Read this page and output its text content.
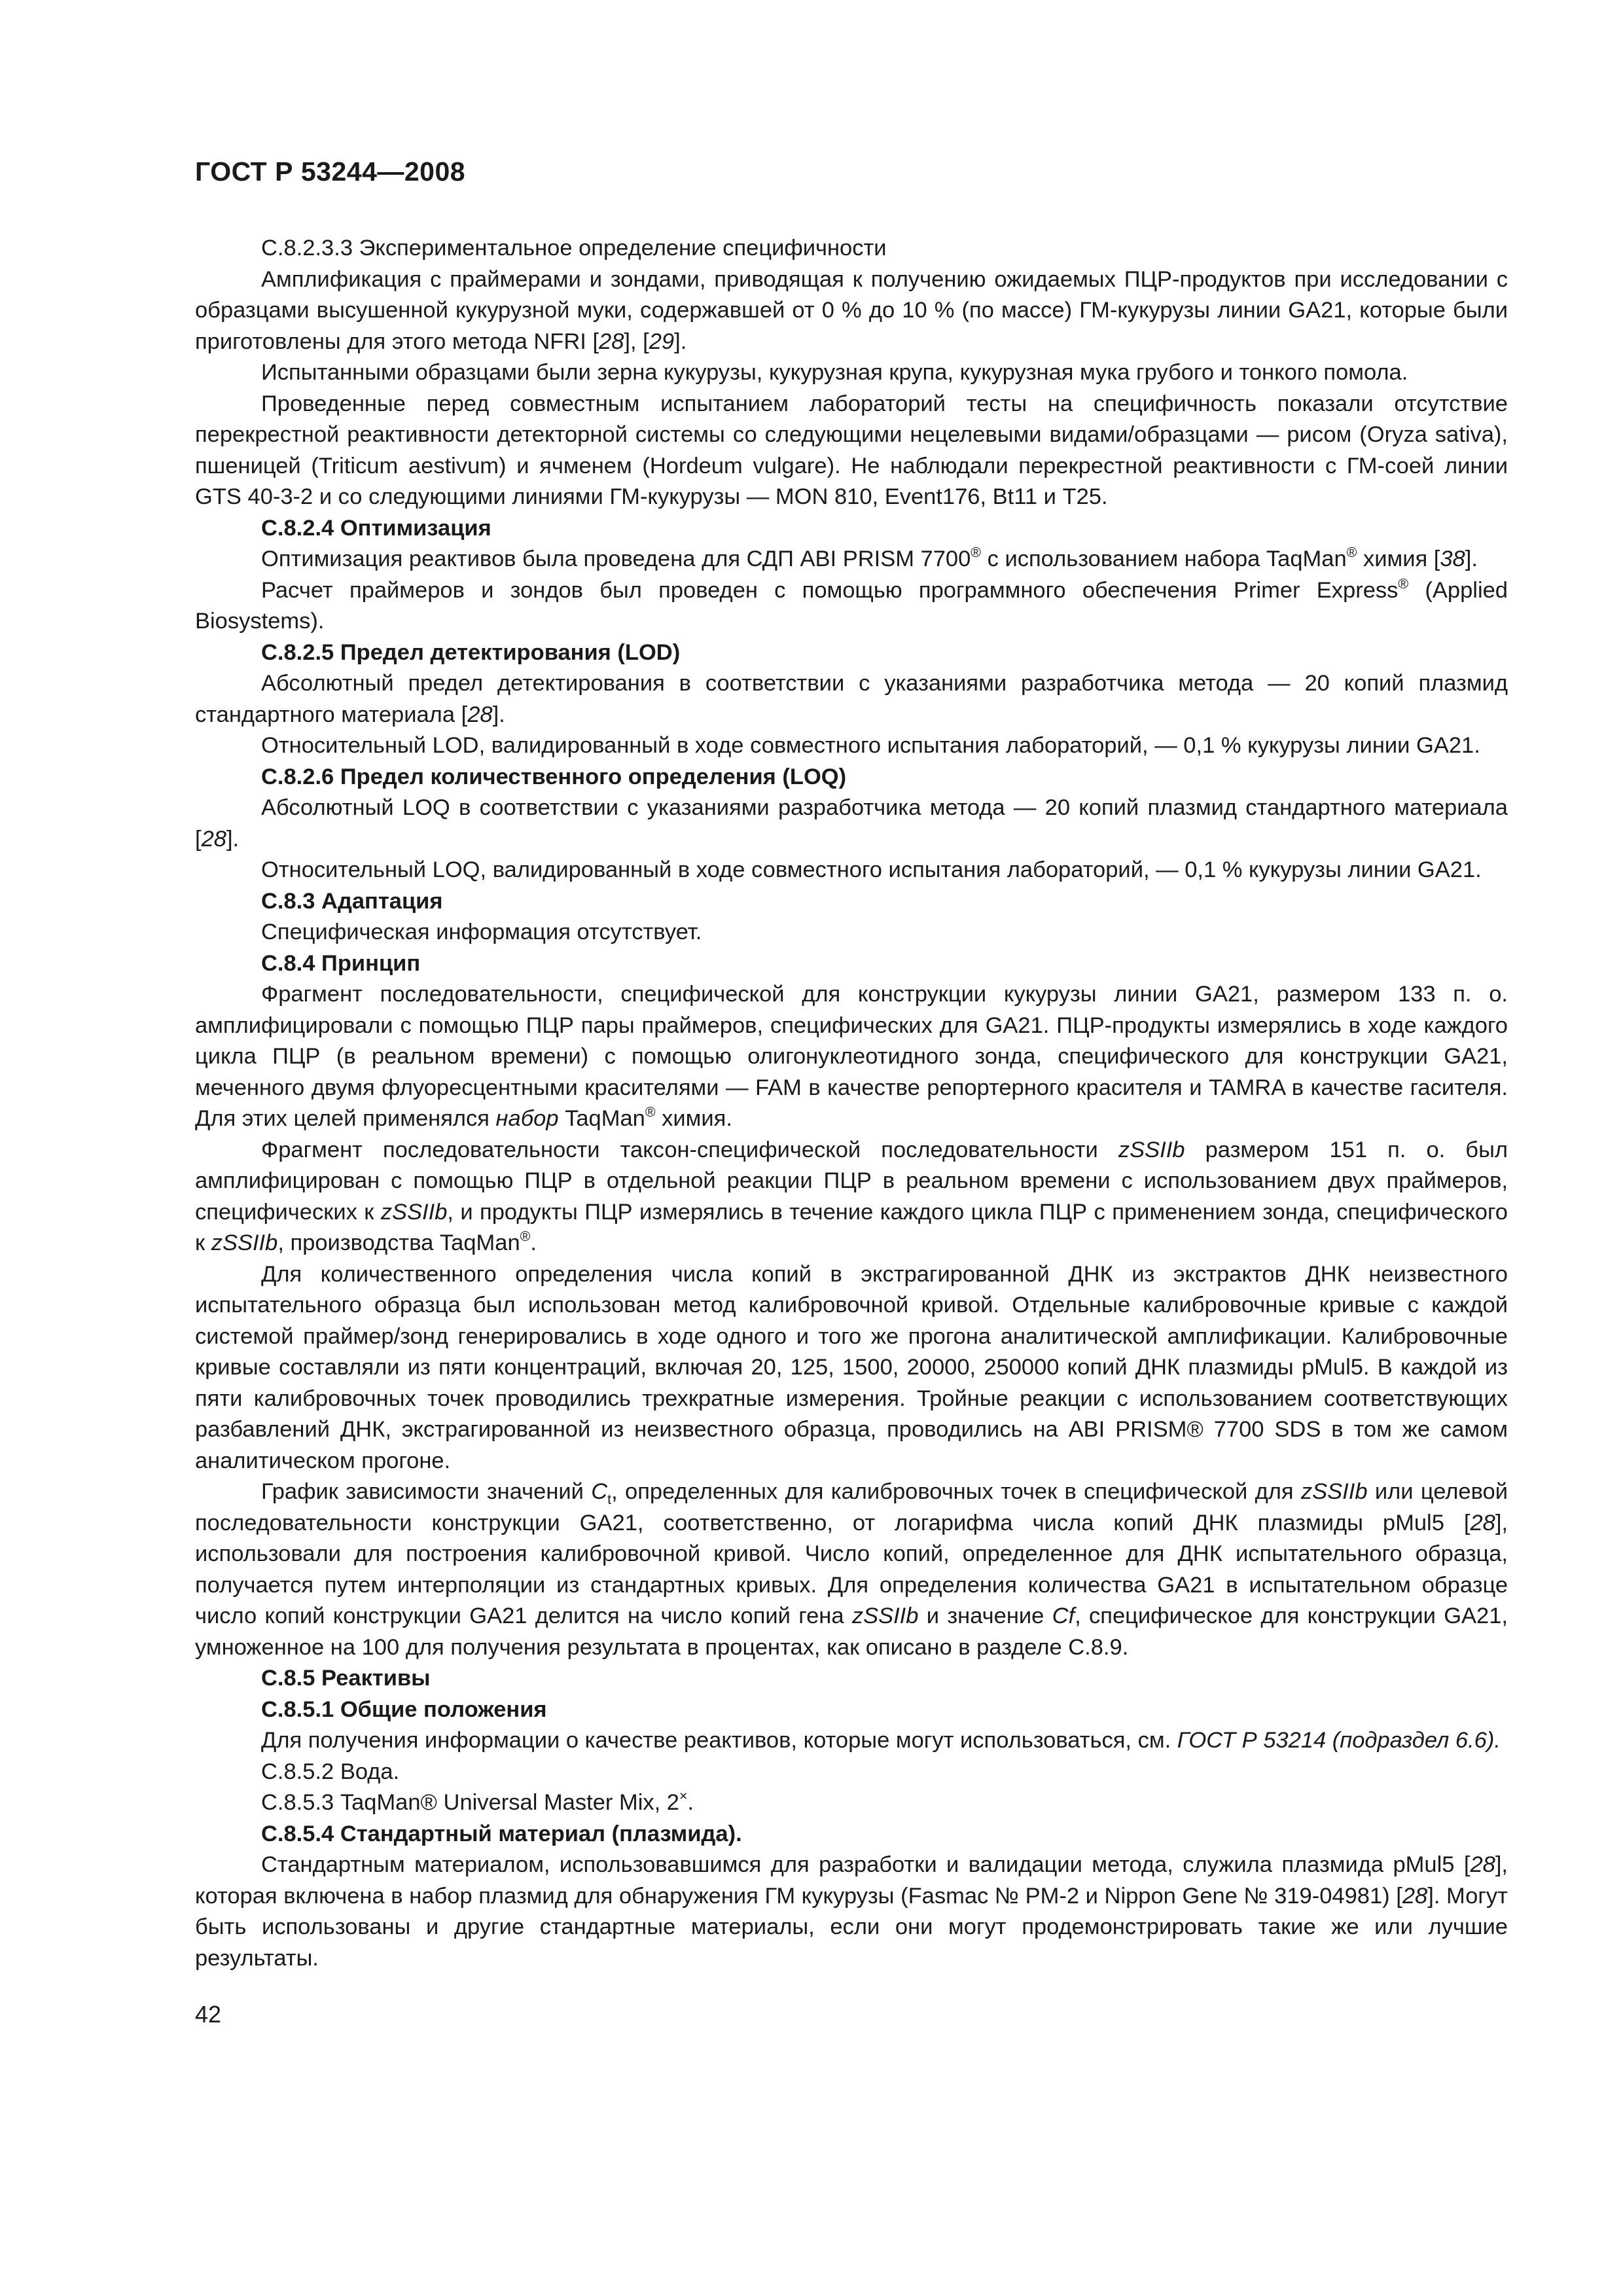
ГОСТ Р 53244—2008

С.8.2.3.3 Экспериментальное определение специфичности

Амплификация с праймерами и зондами, приводящая к получению ожидаемых ПЦР-продуктов при исследовании с образцами высушенной кукурузной муки, содержавшей от 0 % до 10 % (по массе) ГМ-кукурузы линии GA21, которые были приготовлены для этого метода NFRI [28], [29].

Испытанными образцами были зерна кукурузы, кукурузная крупа, кукурузная мука грубого и тонкого помола.

Проведенные перед совместным испытанием лабораторий тесты на специфичность показали отсутствие перекрестной реактивности детекторной системы со следующими нецелевыми видами/образцами — рисом (Oryza sativa), пшеницей (Triticum aestivum) и ячменем (Hordeum vulgare). Не наблюдали перекрестной реактивности с ГМ-соей линии GTS 40-3-2 и со следующими линиями ГМ-кукурузы — MON 810, Event176, Bt11 и T25.

С.8.2.4 Оптимизация

Оптимизация реактивов была проведена для СДП ABI PRISM 7700® с использованием набора TaqMan® химия [38].

Расчет праймеров и зондов был проведен с помощью программного обеспечения Primer Express® (Applied Biosystems).

С.8.2.5 Предел детектирования (LOD)

Абсолютный предел детектирования в соответствии с указаниями разработчика метода — 20 копий плазмид стандартного материала [28].

Относительный LOD, валидированный в ходе совместного испытания лабораторий, — 0,1 % кукурузы линии GA21.

С.8.2.6 Предел количественного определения (LOQ)

Абсолютный LOQ в соответствии с указаниями разработчика метода — 20 копий плазмид стандартного материала [28].

Относительный LOQ, валидированный в ходе совместного испытания лабораторий, — 0,1 % кукурузы линии GA21.

С.8.3 Адаптация

Специфическая информация отсутствует.

С.8.4 Принцип

Фрагмент последовательности, специфической для конструкции кукурузы линии GA21, размером 133 п. о. амплифицировали с помощью ПЦР пары праймеров, специфических для GA21. ПЦР-продукты измерялись в ходе каждого цикла ПЦР (в реальном времени) с помощью олигонуклеотидного зонда, специфического для конструкции GA21, меченного двумя флуоресцентными красителями — FAM в качестве репортерного красителя и TAMRA в качестве гасителя. Для этих целей применялся набор TaqMan® химия.

Фрагмент последовательности таксон-специфической последовательности zSSIIb размером 151 п. о. был амплифицирован с помощью ПЦР в отдельной реакции ПЦР в реальном времени с использованием двух праймеров, специфических к zSSIIb, и продукты ПЦР измерялись в течение каждого цикла ПЦР с применением зонда, специфического к zSSIIb, производства TaqMan®.

Для количественного определения числа копий в экстрагированной ДНК из экстрактов ДНК неизвестного испытательного образца был использован метод калибровочной кривой. Отдельные калибровочные кривые с каждой системой праймер/зонд генерировались в ходе одного и того же прогона аналитической амплификации. Калибровочные кривые составляли из пяти концентраций, включая 20, 125, 1500, 20000, 250000 копий ДНК плазмиды pMul5. В каждой из пяти калибровочных точек проводились трехкратные измерения. Тройные реакции с использованием соответствующих разбавлений ДНК, экстрагированной из неизвестного образца, проводились на ABI PRISM® 7700 SDS в том же самом аналитическом прогоне.

График зависимости значений $C_t$, определенных для калибровочных точек в специфической для zSSIIb или целевой последовательности конструкции GA21, соответственно, от логарифма числа копий ДНК плазмиды pMul5 [28], использовали для построения калибровочной кривой. Число копий, определенное для ДНК испытательного образца, получается путем интерполяции из стандартных кривых. Для определения количества GA21 в испытательном образце число копий конструкции GA21 делится на число копий гена zSSIIb и значение Cf, специфическое для конструкции GA21, умноженное на 100 для получения результата в процентах, как описано в разделе С.8.9.

С.8.5 Реактивы

С.8.5.1 Общие положения

Для получения информации о качестве реактивов, которые могут использоваться, см. ГОСТ Р 53214 (подраздел 6.6).

С.8.5.2 Вода.

С.8.5.3 TaqMan® Universal Master Mix, 2×.

С.8.5.4 Стандартный материал (плазмида).

Стандартным материалом, использовавшимся для разработки и валидации метода, служила плазмида pMul5 [28], которая включена в набор плазмид для обнаружения ГМ кукурузы (Fasmac № PM-2 и Nippon Gene № 319-04981) [28]. Могут быть использованы и другие стандартные материалы, если они могут продемонстрировать такие же или лучшие результаты.

42
